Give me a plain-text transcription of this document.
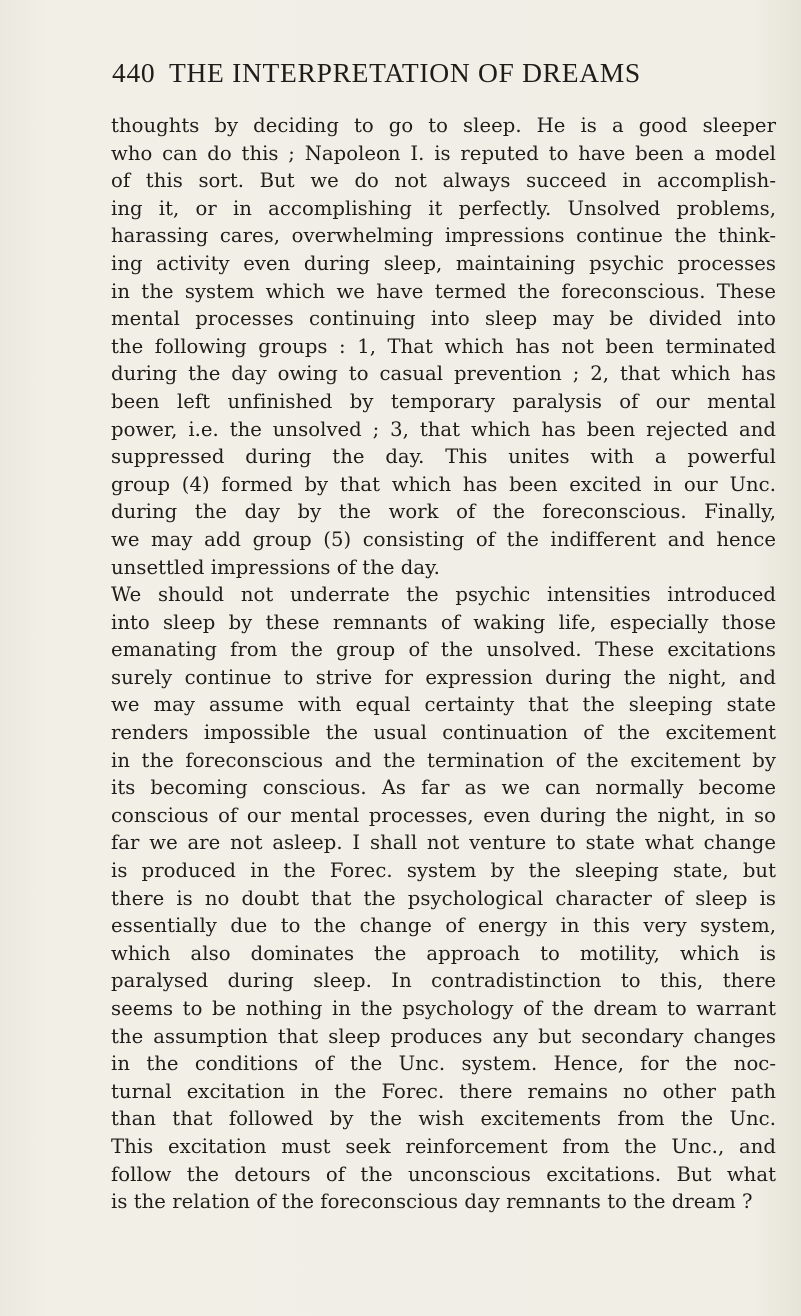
440 THE INTERPRETATION OF DREAMS
thoughts by deciding to go to sleep. He is a good sleeper
who can do this ; Napoleon I. is reputed to have been a model
of this sort. But we do not always succeed in accomplish-
ing it, or in accomplishing it perfectly. Unsolved problems,
harassing cares, overwhelming impressions continue the think-
ing activity even during sleep, maintaining psychic processes
in the system which we have termed the foreconscious. These
mental processes continuing into sleep may be divided into
the following groups : 1, That which has not been terminated
during the day owing to casual prevention ; 2, that which has
been left unfinished by temporary paralysis of our mental
power, i.e. the unsolved ; 3, that which has been rejected and
suppressed during the day. This unites with a powerful
group (4) formed by that which has been excited in our Unc.
during the day by the work of the foreconscious. Finally,
we may add group (5) consisting of the indifferent and hence
unsettled impressions of the day.
We should not underrate the psychic intensities introduced
into sleep by these remnants of waking life, especially those
emanating from the group of the unsolved. These excitations
surely continue to strive for expression during the night, and
we may assume with equal certainty that the sleeping state
renders impossible the usual continuation of the excitement
in the foreconscious and the termination of the excitement by
its becoming conscious. As far as we can normally become
conscious of our mental processes, even during the night, in so
far we are not asleep. I shall not venture to state what change
is produced in the Forec. system by the sleeping state, but
there is no doubt that the psychological character of sleep is
essentially due to the change of energy in this very system,
which also dominates the approach to motility, which is
paralysed during sleep. In contradistinction to this, there
seems to be nothing in the psychology of the dream to warrant
the assumption that sleep produces any but secondary changes
in the conditions of the Unc. system. Hence, for the noc-
turnal excitation in the Forec. there remains no other path
than that followed by the wish excitements from the Unc.
This excitation must seek reinforcement from the Unc., and
follow the detours of the unconscious excitations. But what
is the relation of the foreconscious day remnants to the dream ?
